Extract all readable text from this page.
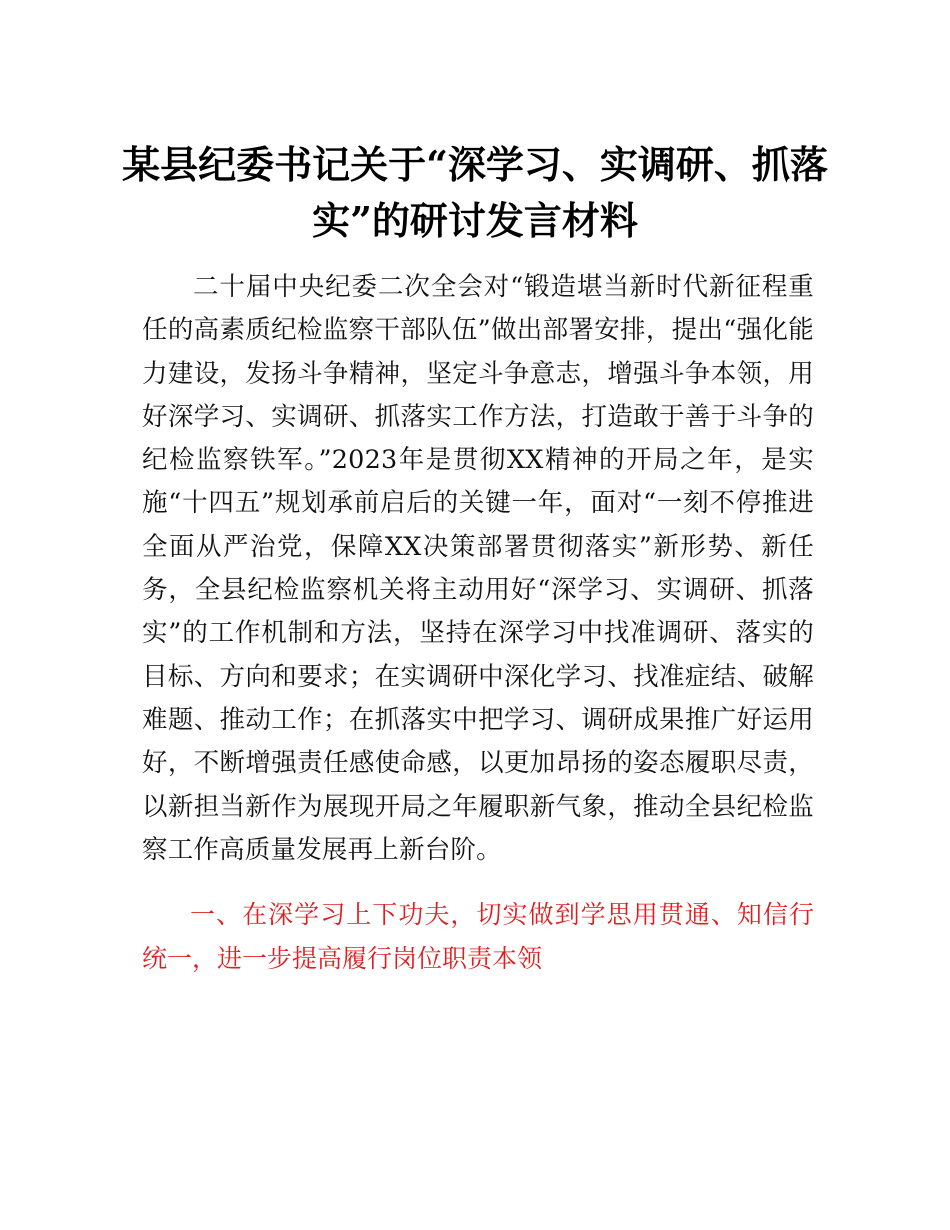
某县纪委书记关于“深学习、实调研、抓落实”的研讨发言材料

二十届中央纪委二次全会对“锻造堪当新时代新征程重任的高素质纪检监察干部队伍”做出部署安排，提出“强化能力建设，发扬斗争精神，坚定斗争意志，增强斗争本领，用好深学习、实调研、抓落实工作方法，打造敢于善于斗争的纪检监察铁军。”2023年是贯彻XX精神的开局之年，是实施“十四五”规划承前启后的关键一年，面对“一刻不停推进全面从严治党，保障XX决策部署贯彻落实”新形势、新任务，全县纪检监察机关将主动用好“深学习、实调研、抓落实”的工作机制和方法，坚持在深学习中找准调研、落实的目标、方向和要求；在实调研中深化学习、找准症结、破解难题、推动工作；在抓落实中把学习、调研成果推广好运用好，不断增强责任感使命感，以更加昂扬的姿态履职尽责，以新担当新作为展现开局之年履职新气象，推动全县纪检监察工作高质量发展再上新台阶。

一、在深学习上下功夫，切实做到学思用贯通、知信行统一，进一步提高履行岗位职责本领
